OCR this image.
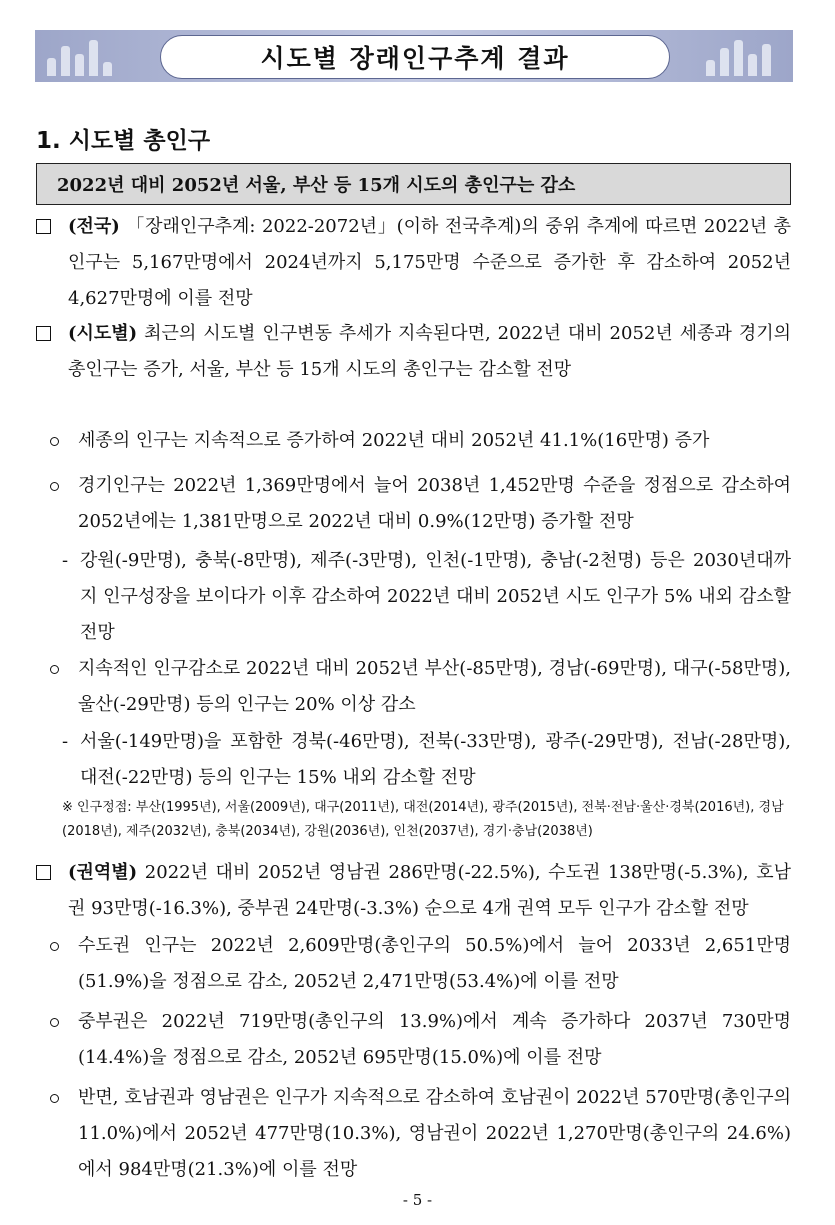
시도별 장래인구추계 결과
1. 시도별 총인구
2022년 대비 2052년 서울, 부산 등 15개 시도의 총인구는 감소
(전국) 「장래인구추계: 2022-2072년」(이하 전국추계)의 중위 추계에 따르면 2022년 총인구는 5,167만명에서 2024년까지 5,175만명 수준으로 증가한 후 감소하여 2052년 4,627만명에 이를 전망
(시도별) 최근의 시도별 인구변동 추세가 지속된다면, 2022년 대비 2052년 세종과 경기의 총인구는 증가, 서울, 부산 등 15개 시도의 총인구는 감소할 전망
세종의 인구는 지속적으로 증가하여 2022년 대비 2052년 41.1%(16만명) 증가
경기인구는 2022년 1,369만명에서 늘어 2038년 1,452만명 수준을 정점으로 감소하여 2052년에는 1,381만명으로 2022년 대비 0.9%(12만명) 증가할 전망
- 강원(-9만명), 충북(-8만명), 제주(-3만명), 인천(-1만명), 충남(-2천명) 등은 2030년대까지 인구성장을 보이다가 이후 감소하여 2022년 대비 2052년 시도 인구가 5% 내외 감소할 전망
지속적인 인구감소로 2022년 대비 2052년 부산(-85만명), 경남(-69만명), 대구(-58만명), 울산(-29만명) 등의 인구는 20% 이상 감소
- 서울(-149만명)을 포함한 경북(-46만명), 전북(-33만명), 광주(-29만명), 전남(-28만명), 대전(-22만명) 등의 인구는 15% 내외 감소할 전망
※ 인구정점: 부산(1995년), 서울(2009년), 대구(2011년), 대전(2014년), 광주(2015년), 전북·전남·울산·경북(2016년), 경남(2018년), 제주(2032년), 충북(2034년), 강원(2036년), 인천(2037년), 경기·충남(2038년)
(권역별) 2022년 대비 2052년 영남권 286만명(-22.5%), 수도권 138만명(-5.3%), 호남권 93만명(-16.3%), 중부권 24만명(-3.3%) 순으로 4개 권역 모두 인구가 감소할 전망
수도권 인구는 2022년 2,609만명(총인구의 50.5%)에서 늘어 2033년 2,651만명(51.9%)을 정점으로 감소, 2052년 2,471만명(53.4%)에 이를 전망
중부권은 2022년 719만명(총인구의 13.9%)에서 계속 증가하다 2037년 730만명(14.4%)을 정점으로 감소, 2052년 695만명(15.0%)에 이를 전망
반면, 호남권과 영남권은 인구가 지속적으로 감소하여 호남권이 2022년 570만명(총인구의 11.0%)에서 2052년 477만명(10.3%), 영남권이 2022년 1,270만명(총인구의 24.6%)에서 984만명(21.3%)에 이를 전망
- 5 -
